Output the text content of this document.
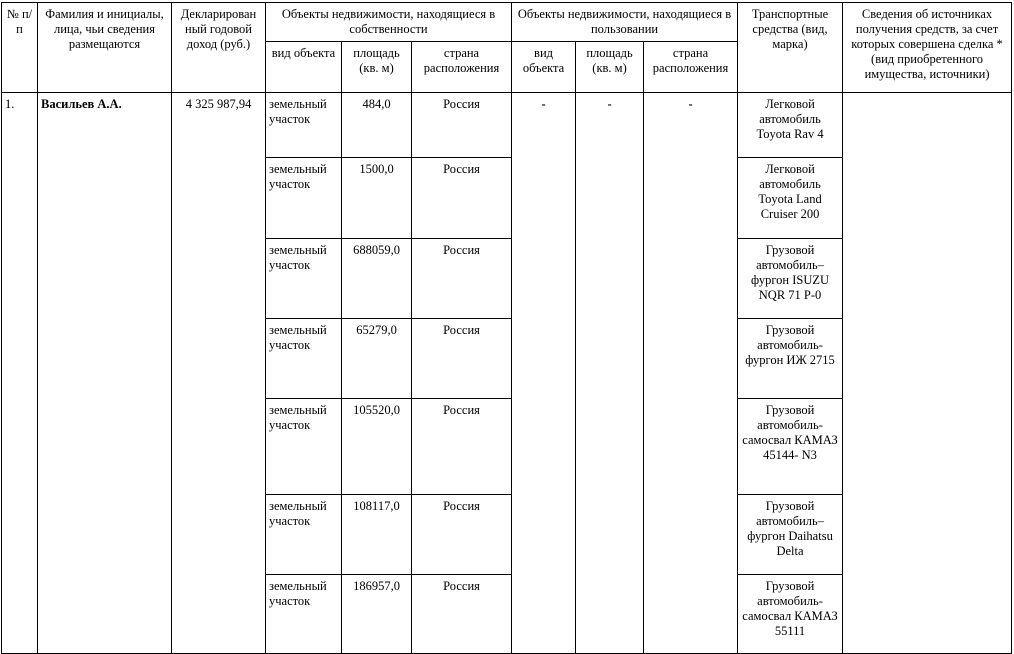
№ п/п	Фамилия и инициалы, лица, чьи сведения размещаются	Декларирован ный годовой доход (руб.)	Объекты недвижимости, находящиеся в собственности			Объекты недвижимости, находящиеся в пользовании			Транспортные средства (вид, марка)	Сведения об источниках получения средств, за счет которых совершена сделка * (вид приобретенного имущества, источники)
			вид объекта	площадь (кв. м)	страна расположения	вид объекта	площадь (кв. м)	страна расположения		
1.	Васильев А.А.	4 325 987,94	земельный участок	484,0	Россия	-	-	-	Легковой автомобиль Toyota Rav 4	
			земельный участок	1500,0	Россия				Легковой автомобиль Toyota Land Cruiser 200	
			земельный участок	688059,0	Россия				Грузовой автомобиль– фургон ISUZU NQR 71 P-0	
			земельный участок	65279,0	Россия				Грузовой автомобиль- фургон ИЖ 2715	
			земельный участок	105520,0	Россия				Грузовой автомобиль- самосвал КАМАЗ 45144- N3	
			земельный участок	108117,0	Россия				Грузовой автомобиль– фургон Daihatsu Delta	
			земельный участок	186957,0	Россия				Грузовой автомобиль- самосвал КАМАЗ 55111	
